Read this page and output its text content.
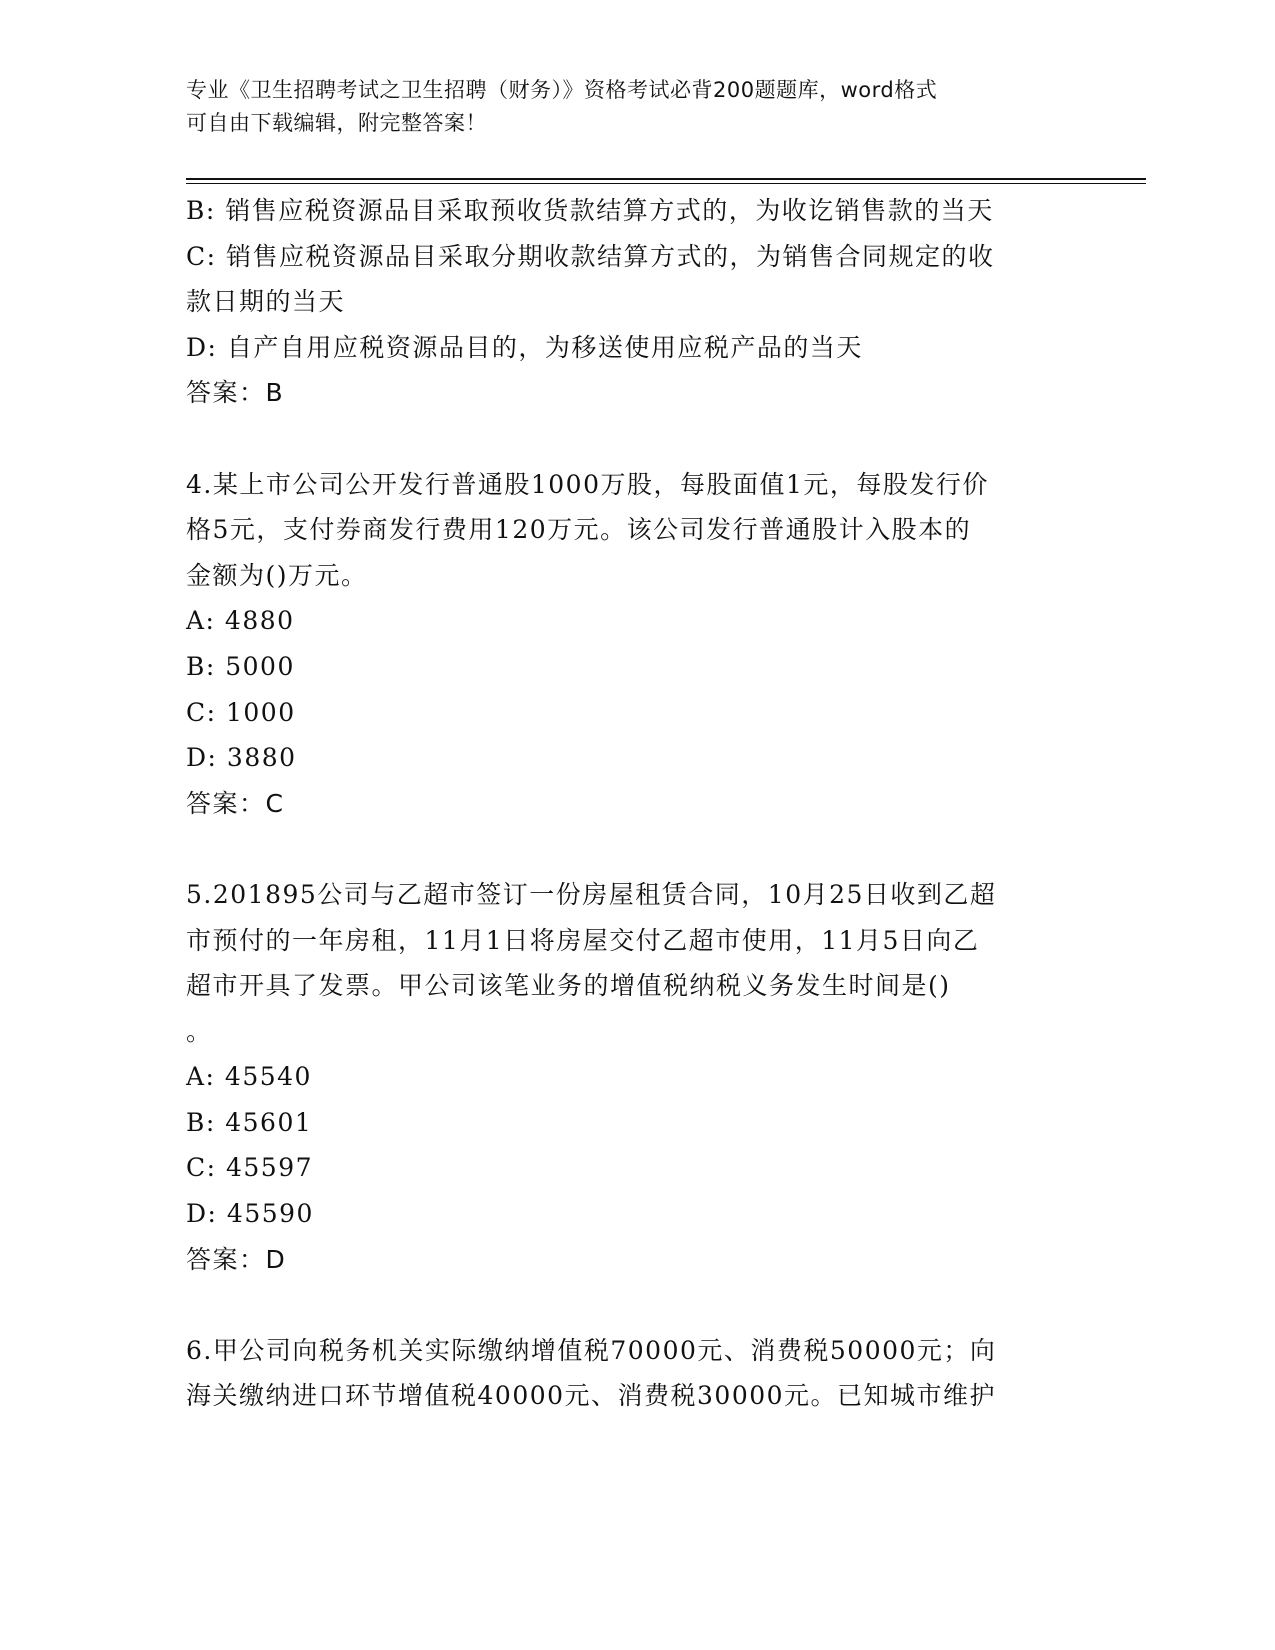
专业《卫生招聘考试之卫生招聘（财务）》资格考试必背200题题库，word格式
可自由下载编辑，附完整答案！
B: 销售应税资源品目采取预收货款结算方式的，为收讫销售款的当天
C: 销售应税资源品目采取分期收款结算方式的，为销售合同规定的收
款日期的当天
D: 自产自用应税资源品目的，为移送使用应税产品的当天
答案：B
4.某上市公司公开发行普通股1000万股，每股面值1元，每股发行价
格5元，支付券商发行费用120万元。该公司发行普通股计入股本的
金额为()万元。
A: 4880
B: 5000
C: 1000
D: 3880
答案：C
5.201895公司与乙超市签订一份房屋租赁合同，10月25日收到乙超
市预付的一年房租，11月1日将房屋交付乙超市使用，11月5日向乙
超市开具了发票。甲公司该笔业务的增值税纳税义务发生时间是()
。
A: 45540
B: 45601
C: 45597
D: 45590
答案：D
6.甲公司向税务机关实际缴纳增值税70000元、消费税50000元；向
海关缴纳进口环节增值税40000元、消费税30000元。已知城市维护
